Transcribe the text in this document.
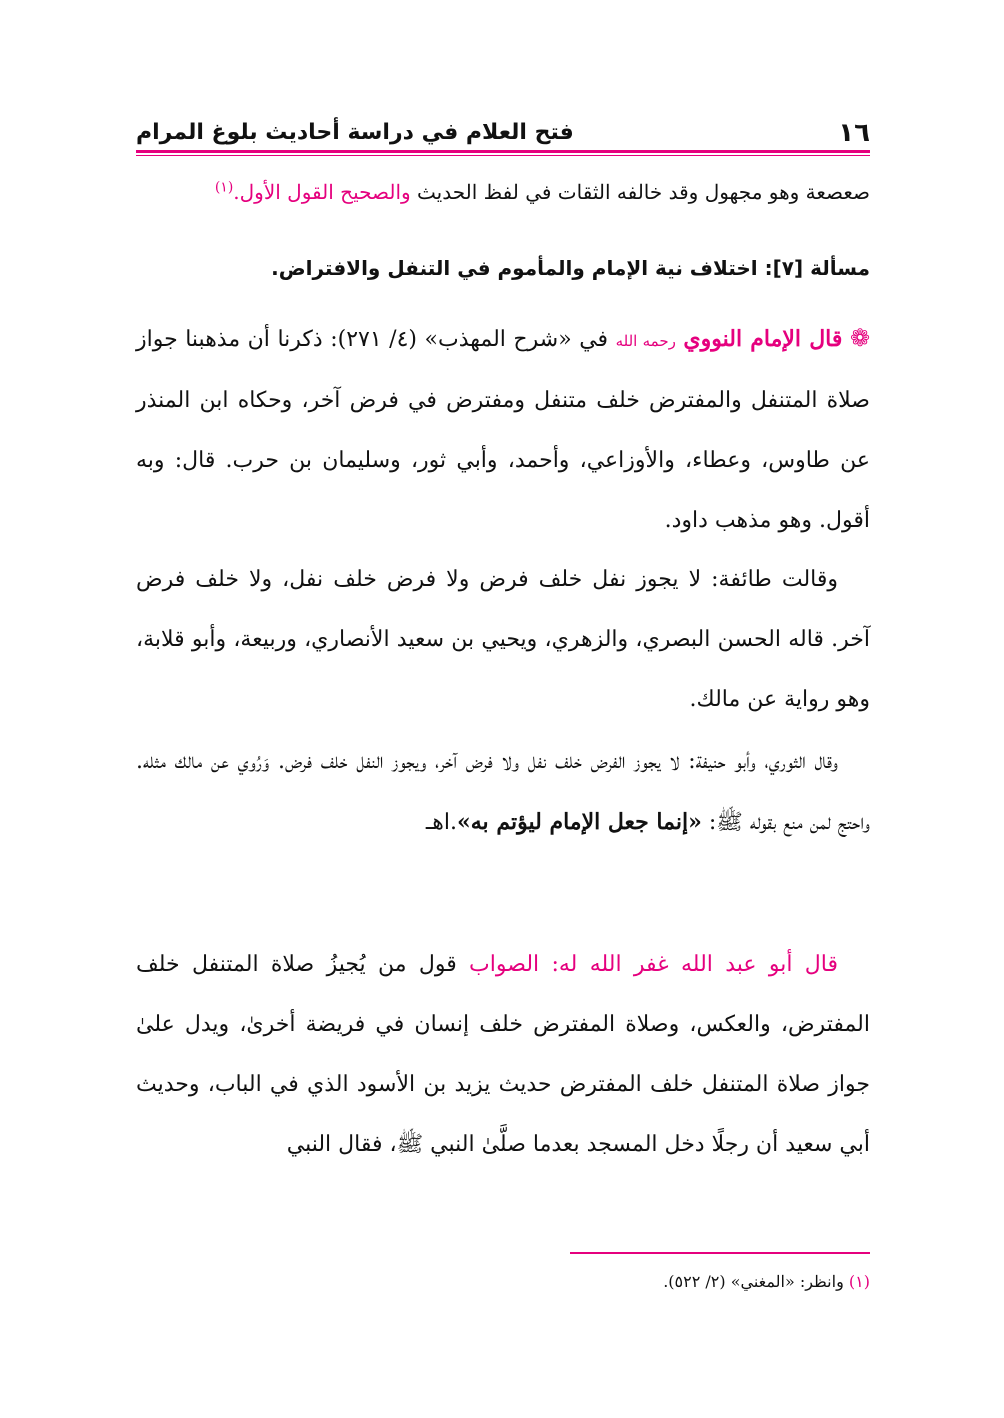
١٦
فتح العلام في دراسة أحاديث بلوغ المرام
صعصعة وهو مجهول وقد خالفه الثقات في لفظ الحديث والصحيح القول الأول.$^{(١)}$
مسألة [٧]: اختلاف نية الإمام والمأموم في التنفل والافتراض.
❁ قال الإمام النووي رحمه الله في «شرح المهذب» (٤/ ٢٧١): ذكرنا أن مذهبنا جواز صلاة المتنفل والمفترض خلف متنفل ومفترض في فرض آخر، وحكاه ابن المنذر عن طاوس، وعطاء، والأوزاعي، وأحمد، وأبي ثور، وسليمان بن حرب. قال: وبه أقول. وهو مذهب داود.
وقالت طائفة: لا يجوز نفل خلف فرض ولا فرض خلف نفل، ولا خلف فرض آخر. قاله الحسن البصري، والزهري، ويحيي بن سعيد الأنصاري، وربيعة، وأبو قلابة، وهو رواية عن مالك.
وقال الثوري، وأبو حنيفة: لا يجوز الفرض خلف نفل ولا فرض آخر، ويجوز النفل خلف فرض. وَرُوي عن مالك مثله. واحتج لمن منع بقوله ﷺ: «إنما جعل الإمام ليؤتم به».اهـ
قال أبو عبد الله غفر الله له: الصواب قول من يُجيزُ صلاة المتنفل خلف المفترض، والعكس، وصلاة المفترض خلف إنسان في فريضة أخرىٰ، ويدل علىٰ جواز صلاة المتنفل خلف المفترض حديث يزيد بن الأسود الذي في الباب، وحديث أبي سعيد أن رجلًا دخل المسجد بعدما صلَّىٰ النبي ﷺ، فقال النبي
(١) وانظر: «المغني» (٢/ ٥٢٢).
